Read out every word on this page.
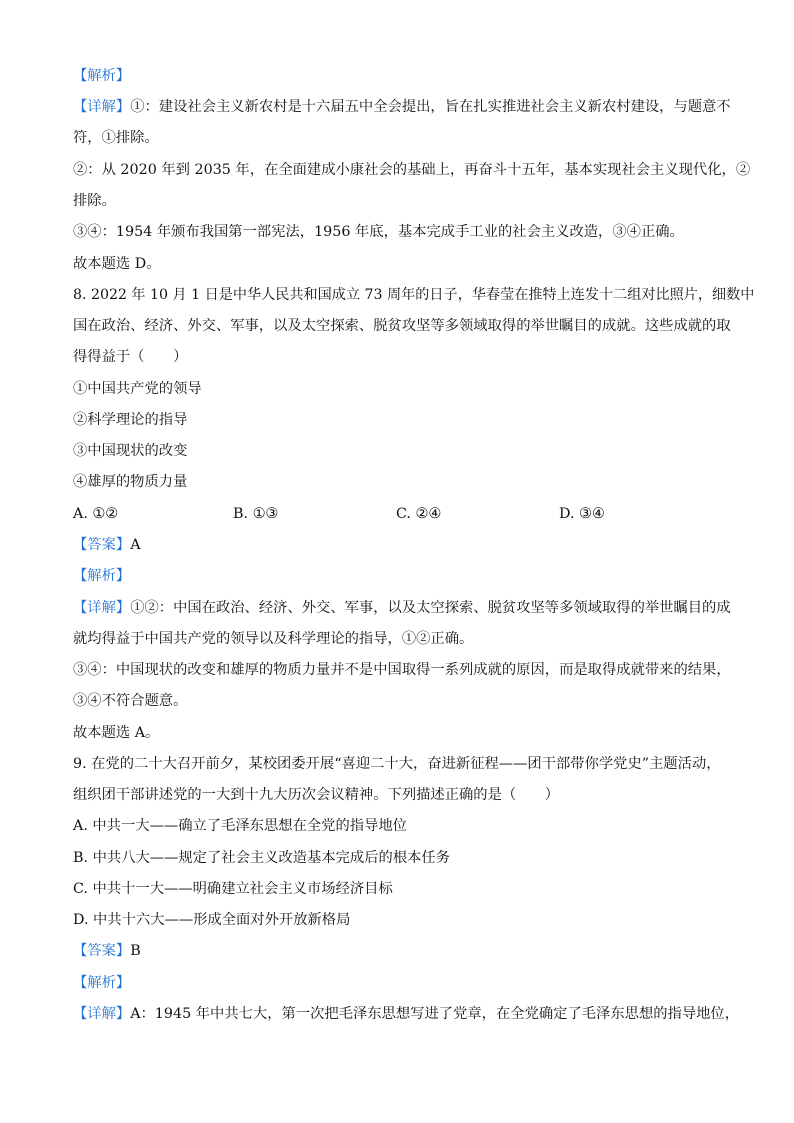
【解析】
【详解】①：建设社会主义新农村是十六届五中全会提出，旨在扎实推进社会主义新农村建设，与题意不
符，①排除。
②：从 2020 年到 2035 年，在全面建成小康社会的基础上，再奋斗十五年，基本实现社会主义现代化，②
排除。
③④：1954 年颁布我国第一部宪法，1956 年底，基本完成手工业的社会主义改造，③④正确。
故本题选 D。
8. 2022 年 10 月 1 日是中华人民共和国成立 73 周年的日子，华春莹在推特上连发十二组对比照片，细数中
国在政治、经济、外交、军事，以及太空探索、脱贫攻坚等多领域取得的举世瞩目的成就。这些成就的取
得得益于（　　）
①中国共产党的领导
②科学理论的指导
③中国现状的改变
④雄厚的物质力量
A. ①②	B. ①③	C. ②④	D. ③④
【答案】A
【解析】
【详解】①②：中国在政治、经济、外交、军事，以及太空探索、脱贫攻坚等多领域取得的举世瞩目的成
就均得益于中国共产党的领导以及科学理论的指导，①②正确。
③④：中国现状的改变和雄厚的物质力量并不是中国取得一系列成就的原因，而是取得成就带来的结果，
③④不符合题意。
故本题选 A。
9. 在党的二十大召开前夕，某校团委开展“喜迎二十大，奋进新征程——团干部带你学党史”主题活动，
组织团干部讲述党的一大到十九大历次会议精神。下列描述正确的是（　　）
A. 中共一大——确立了毛泽东思想在全党的指导地位
B. 中共八大——规定了社会主义改造基本完成后的根本任务
C. 中共十一大——明确建立社会主义市场经济目标
D. 中共十六大——形成全面对外开放新格局
【答案】B
【解析】
【详解】A：1945 年中共七大，第一次把毛泽东思想写进了党章，在全党确定了毛泽东思想的指导地位，
